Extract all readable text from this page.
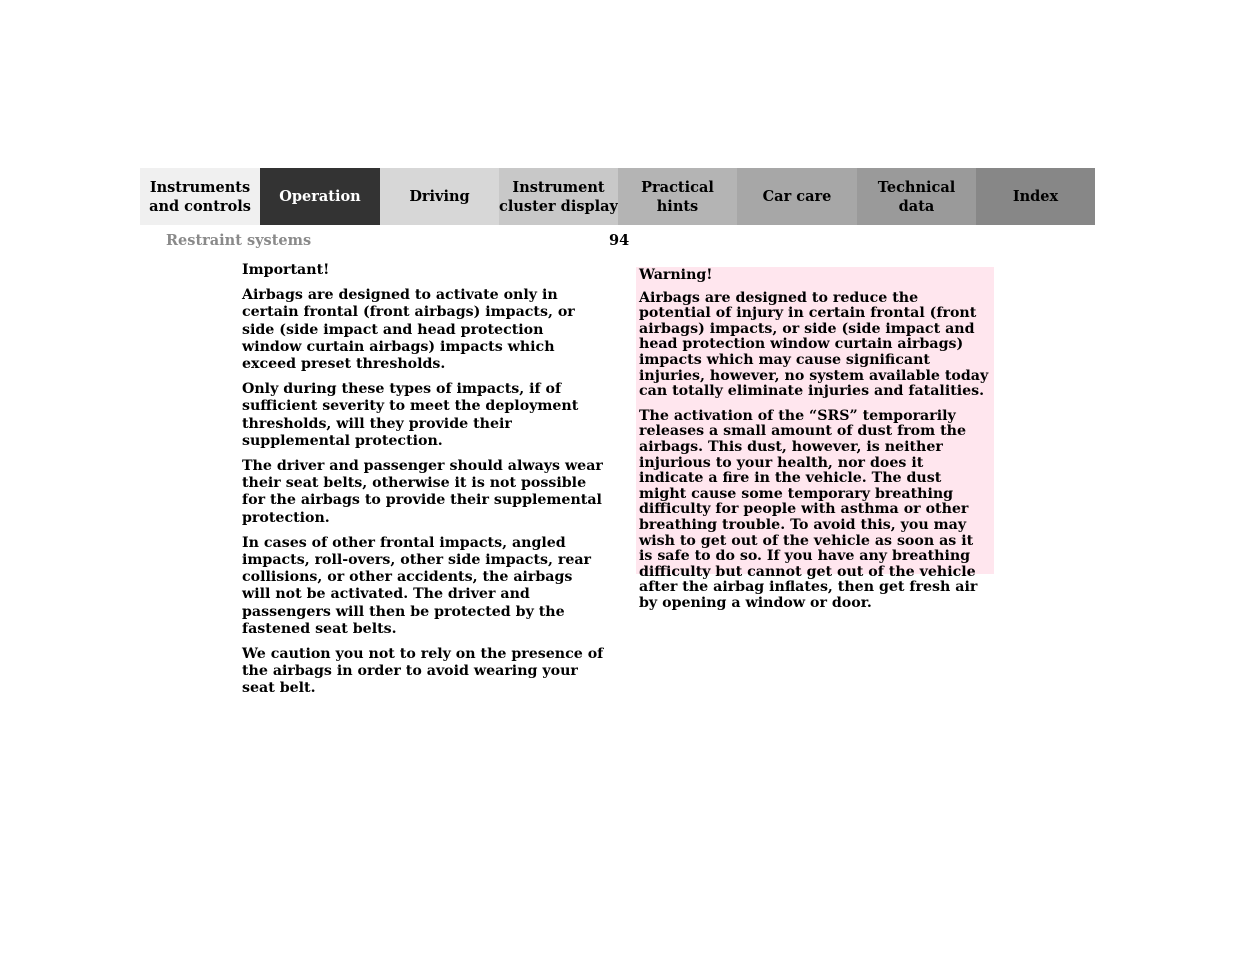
Instruments
and controls
Operation	Driving
Instrument
cluster display
Practical hints
Car care
Technical
data
Index
Restraint systems	94
Important!

Airbags are designed to activate only in certain frontal (front airbags) impacts, or side (side impact and head protection window curtain airbags) impacts which exceed preset thresholds.

Only during these types of impacts, if of sufficient severity to meet the deployment thresholds, will they provide their supplemental protection.

The driver and passenger should always wear their seat belts, otherwise it is not possible for the airbags to provide their supplemental protection.

In cases of other frontal impacts, angled impacts, roll-overs, other side impacts, rear collisions, or other accidents, the airbags will not be activated. The driver and passengers will then be protected by the fastened seat belts.

We caution you not to rely on the presence of the airbags in order to avoid wearing your seat belt.

Warning!

Airbags are designed to reduce the potential of injury in certain frontal (front airbags) impacts, or side (side impact and head protection window curtain airbags) impacts which may cause significant injuries, however, no system available today can totally eliminate injuries and fatalities.

The activation of the “SRS” temporarily releases a small amount of dust from the airbags. This dust, however, is neither injurious to your health, nor does it indicate a fire in the vehicle. The dust might cause some temporary breathing difficulty for people with asthma or other breathing trouble. To avoid this, you may wish to get out of the vehicle as soon as it is safe to do so. If you have any breathing difficulty but cannot get out of the vehicle after the airbag inflates, then get fresh air by opening a window or door.
